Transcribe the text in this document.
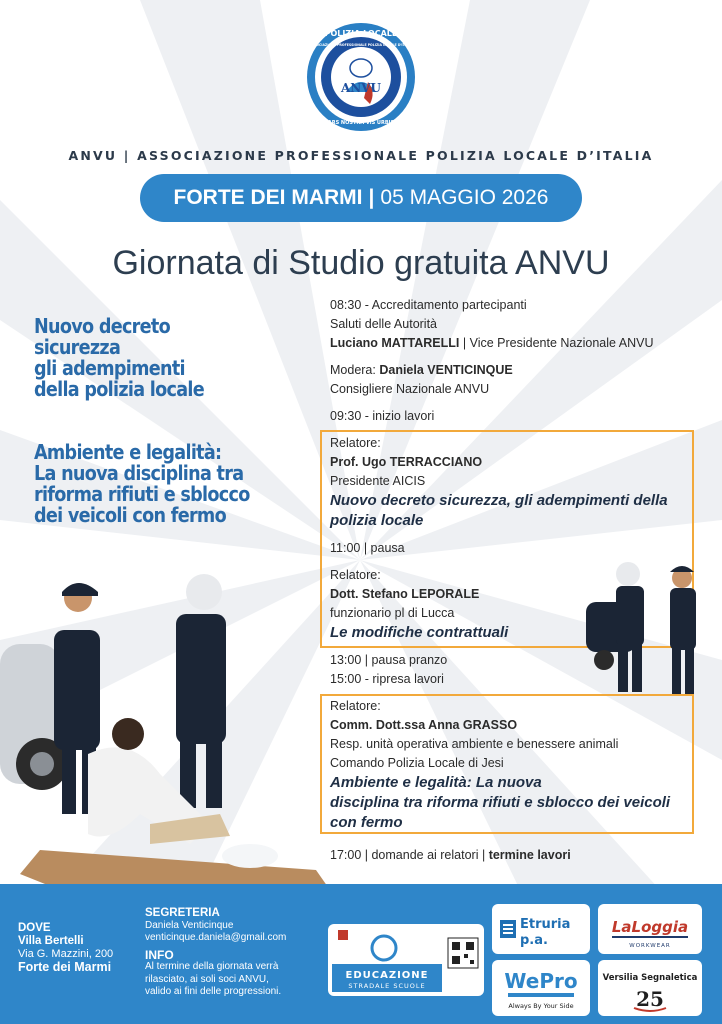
POLIZIA LOCALE
ANVU
ARS NOSTRA VIS URBIS
ASSOCIAZIONE PROFESSIONALE POLIZIA LOCALE D'ITALIA
ANVU | ASSOCIAZIONE PROFESSIONALE POLIZIA LOCALE D’ITALIA
FORTE DEI MARMI | 05 MAGGIO 2026
Giornata di Studio gratuita ANVU
Nuovo decreto
sicurezza
gli adempimenti
della polizia locale
Ambiente e legalità:
La nuova disciplina tra
riforma rifiuti e sblocco
dei veicoli con fermo
08:30 - Accreditamento partecipanti
Saluti delle Autorità
Luciano MATTARELLI | Vice Presidente Nazionale ANVU
Modera: Daniela VENTICINQUE
Consigliere Nazionale ANVU
09:30 - inizio lavori
Relatore:
Prof. Ugo TERRACCIANO
Presidente AICIS
Nuovo decreto sicurezza, gli adempimenti della
polizia locale
11:00 | pausa
Relatore:
Dott. Stefano LEPORALE
funzionario pl di Lucca
Le modifiche contrattuali
13:00 | pausa pranzo
15:00 - ripresa lavori
Relatore:
Comm. Dott.ssa Anna GRASSO
Resp. unità operativa ambiente e benessere animali
Comando Polizia Locale di Jesi
Ambiente e legalità: La nuova
disciplina tra riforma rifiuti e sblocco dei veicoli
con fermo
17:00 | domande ai relatori | termine lavori
DOVE
Villa Bertelli
Via G. Mazzini, 200
Forte dei Marmi
SEGRETERIA
Daniela Venticinque
venticinque.daniela@gmail.com
INFO
Al termine della giornata verrà
rilasciato, ai soli soci ANVU,
valido ai fini delle progressioni.
EDUCAZIONE
STRADALE SCUOLE
Etruria
p.a.
LaLoggia
WORKWEAR
WePro
Always By Your Side
Versilia Segnaletica
25
